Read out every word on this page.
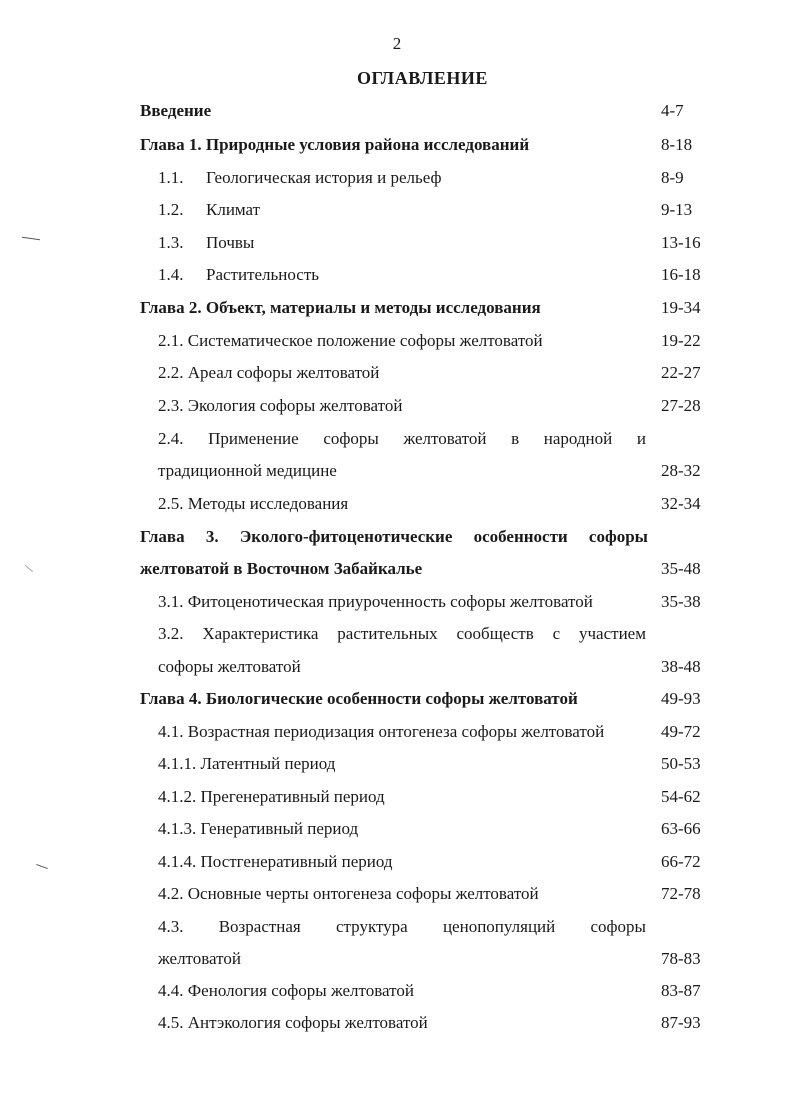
2
ОГЛАВЛЕНИЕ
Введение	4-7
Глава 1. Природные условия района исследований	8-18
1.1. Геологическая история и рельеф	8-9
1.2. Климат	9-13
1.3. Почвы	13-16
1.4. Растительность	16-18
Глава 2. Объект, материалы и методы исследования	19-34
2.1. Систематическое положение софоры желтоватой	19-22
2.2. Ареал софоры желтоватой	22-27
2.3. Экология софоры желтоватой	27-28
2.4. Применение софоры желтоватой в народной и
традиционной медицине	28-32
2.5. Методы исследования	32-34
Глава 3. Эколого-фитоценотические особенности софоры
желтоватой в Восточном Забайкалье	35-48
3.1. Фитоценотическая приуроченность софоры желтоватой	35-38
3.2. Характеристика растительных сообществ с участием
софоры желтоватой	38-48
Глава 4. Биологические особенности софоры желтоватой	49-93
4.1. Возрастная периодизация онтогенеза софоры желтоватой	49-72
4.1.1. Латентный период	50-53
4.1.2. Прегенеративный период	54-62
4.1.3. Генеративный период	63-66
4.1.4. Постгенеративный период	66-72
4.2. Основные черты онтогенеза софоры желтоватой	72-78
4.3. Возрастная структура ценопопуляций софоры
желтоватой	78-83
4.4. Фенология софоры желтоватой	83-87
4.5. Антэкология софоры желтоватой	87-93
